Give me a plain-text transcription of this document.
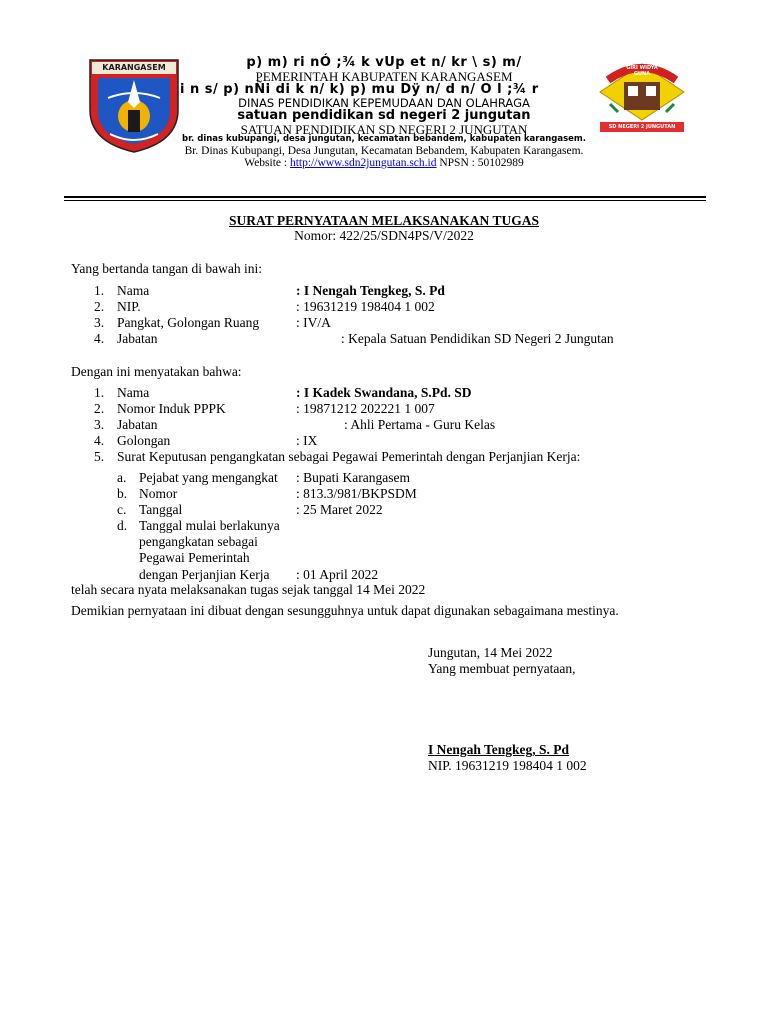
KARANGASEM	GIRI WIDYA GUNA
SD NEGERI 2 JUNGUTAN
p) m) ri nÓ ;¾ k vUp et n/ kr \ s) m/
PEMERINTAH KABUPATEN KARANGASEM
i n s/ p) nÑi di k n/ k) p) mu Dÿ n/ d n/ O l ;¾ r
DINAS PENDIDIKAN KEPEMUDAAN DAN OLAHRAGA
satuan pendidikan sd negeri 2 jungutan
SATUAN PENDIDIKAN SD NEGERI 2 JUNGUTAN
br. dinas kubupangi, desa jungutan, kecamatan bebandem, kabupaten karangasem.
Br. Dinas Kubupangi, Desa Jungutan, Kecamatan Bebandem, Kabupaten Karangasem.
Website : http://www.sdn2jungutan.sch.id NPSN : 50102989
SURAT PERNYATAAN MELAKSANAKAN TUGAS
Nomor: 422/25/SDN4PS/V/2022
Yang bertanda tangan di bawah ini:
1. Nama	: I Nengah Tengkeg, S. Pd
2. NIP.	: 19631219 198404 1 002
3. Pangkat, Golongan Ruang	: IV/A
4. Jabatan	: Kepala Satuan Pendidikan SD Negeri 2 Jungutan
Dengan ini menyatakan bahwa:
1. Nama	: I Kadek Swandana, S.Pd. SD
2. Nomor Induk PPPK	: 19871212 202221 1 007
3. Jabatan	: Ahli Pertama - Guru Kelas
4. Golongan	: IX
5. Surat Keputusan pengangkatan sebagai Pegawai Pemerintah dengan Perjanjian Kerja:
a. Pejabat yang mengangkat : Bupati Karangasem
b. Nomor	: 813.3/981/BKPSDM
c. Tanggal	: 25 Maret 2022
d. Tanggal mulai berlakunya
pengangkatan sebagai
Pegawai Pemerintah
dengan Perjanjian Kerja : 01 April 2022
telah secara nyata melaksanakan tugas sejak tanggal 14 Mei 2022
Demikian pernyataan ini dibuat dengan sesungguhnya untuk dapat digunakan sebagaimana mestinya.
Jungutan, 14 Mei 2022
Yang membuat pernyataan,
I Nengah Tengkeg, S. Pd
NIP. 19631219 198404 1 002
